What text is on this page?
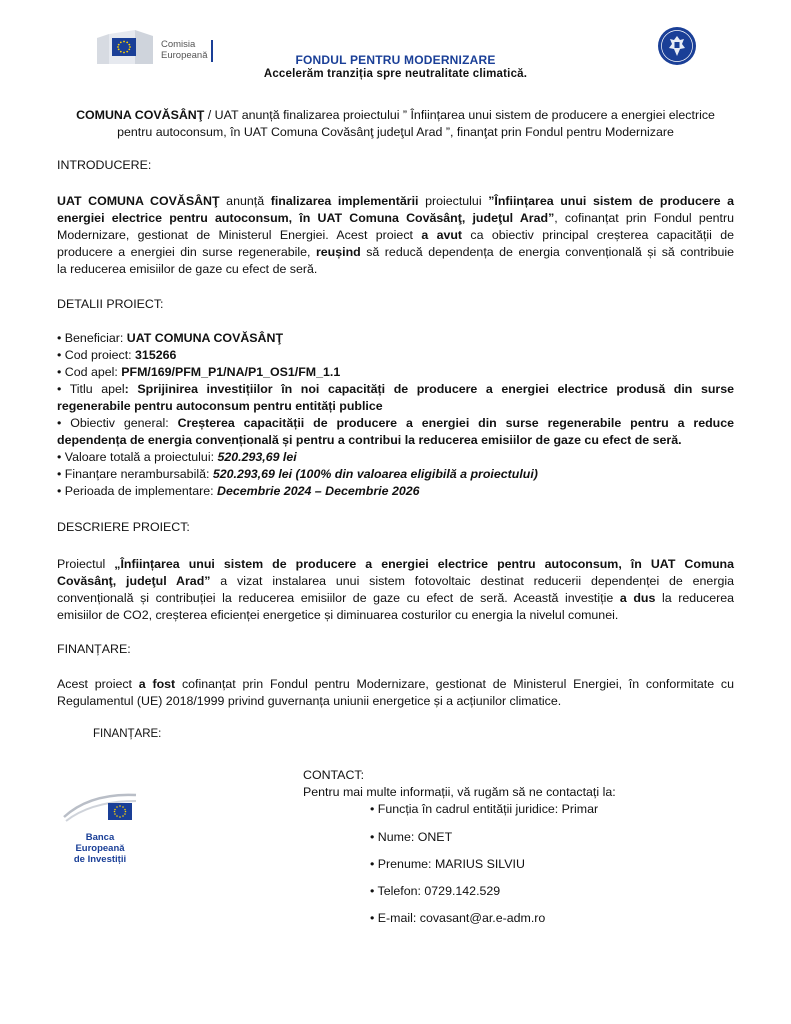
Comisia
Europeană	FONDUL PENTRU MODERNIZARE
Accelerăm tranziția spre neutralitate climatică.
COMUNA COVĂSÂNŢ / UAT anunță finalizarea proiectului ” Înființarea unui sistem de producere a energiei electrice
pentru autoconsum, în UAT Comuna Covăsânţ judeţul Arad ”, finanţat prin Fondul pentru Modernizare
INTRODUCERE:
UAT COMUNA COVĂSÂNŢ anunță finalizarea implementării proiectului ”Înființarea unui sistem de producere a
energiei electrice pentru autoconsum, în UAT Comuna Covăsânţ, judeţul Arad”, cofinanțat prin Fondul pentru
Modernizare, gestionat de Ministerul Energiei. Acest proiect a avut ca obiectiv principal creșterea capacității de
producere a energiei din surse regenerabile, reușind să reducă dependența de energia convențională și să contribuie
la reducerea emisiilor de gaze cu efect de seră.
DETALII PROIECT:
• Beneficiar: UAT COMUNA COVĂSÂNŢ
• Cod proiect: 315266
• Cod apel: PFM/169/PFM_P1/NA/P1_OS1/FM_1.1
• Titlu apel: Sprijinirea investițiilor în noi capacități de producere a energiei electrice produsă din surse
regenerabile pentru autoconsum pentru entități publice
• Obiectiv general: Creșterea capacității de producere a energiei din surse regenerabile pentru a reduce
dependența de energia convențională și pentru a contribui la reducerea emisiilor de gaze cu efect de seră.
• Valoare totală a proiectului: 520.293,69 lei
• Finanțare nerambursabilă: 520.293,69 lei (100% din valoarea eligibilă a proiectului)
• Perioada de implementare: Decembrie 2024 – Decembrie 2026
DESCRIERE PROIECT:
Proiectul „Înființarea unui sistem de producere a energiei electrice pentru autoconsum, în UAT Comuna
Covăsânţ, judeţul Arad” a vizat instalarea unui sistem fotovoltaic destinat reducerii dependenței de energia
convențională și contribuției la reducerea emisiilor de gaze cu efect de seră. Această investiție a dus la reducerea
emisiilor de CO2, creșterea eficienței energetice și diminuarea costurilor cu energia la nivelul comunei.
FINANȚARE:
Acest proiect a fost cofinanțat prin Fondul pentru Modernizare, gestionat de Ministerul Energiei, în conformitate cu
Regulamentul (UE) 2018/1999 privind guvernanța uniunii energetice și a acțiunilor climatice.
FINANȚARE:
Banca Europeană
de Investiții
CONTACT:
Pentru mai multe informații, vă rugăm să ne contactați la:
• Funcția în cadrul entității juridice: Primar
• Nume: ONET
• Prenume: MARIUS SILVIU
• Telefon: 0729.142.529
• E-mail: covasant@ar.e-adm.ro
